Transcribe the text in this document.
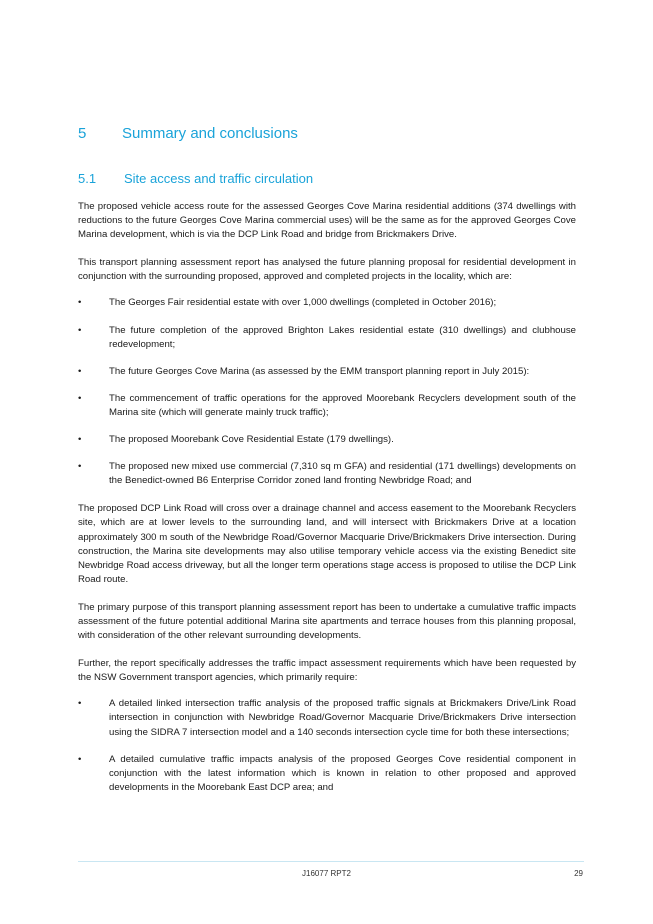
5	Summary and conclusions
5.1	Site access and traffic circulation

The proposed vehicle access route for the assessed Georges Cove Marina residential additions (374 dwellings with reductions to the future Georges Cove Marina commercial uses) will be the same as for the approved Georges Cove Marina development, which is via the DCP Link Road and bridge from Brickmakers Drive.

This transport planning assessment report has analysed the future planning proposal for residential development in conjunction with the surrounding proposed, approved and completed projects in the locality, which are:

•	The Georges Fair residential estate with over 1,000 dwellings (completed in October 2016);
•	The future completion of the approved Brighton Lakes residential estate (310 dwellings) and clubhouse redevelopment;
•	The future Georges Cove Marina (as assessed by the EMM transport planning report in July 2015):
•	The commencement of traffic operations for the approved Moorebank Recyclers development south of the Marina site (which will generate mainly truck traffic);
•	The proposed Moorebank Cove Residential Estate (179 dwellings).
•	The proposed new mixed use commercial (7,310 sq m GFA) and residential (171 dwellings) developments on the Benedict-owned B6 Enterprise Corridor zoned land fronting Newbridge Road; and

The proposed DCP Link Road will cross over a drainage channel and access easement to the Moorebank Recyclers site, which are at lower levels to the surrounding land, and will intersect with Brickmakers Drive at a location approximately 300 m south of the Newbridge Road/Governor Macquarie Drive/Brickmakers Drive intersection. During construction, the Marina site developments may also utilise temporary vehicle access via the existing Benedict site Newbridge Road access driveway, but all the longer term operations stage access is proposed to utilise the DCP Link Road route.

The primary purpose of this transport planning assessment report has been to undertake a cumulative traffic impacts assessment of the future potential additional Marina site apartments and terrace houses from this planning proposal, with consideration of the other relevant surrounding developments.

Further, the report specifically addresses the traffic impact assessment requirements which have been requested by the NSW Government transport agencies, which primarily require:

•	A detailed linked intersection traffic analysis of the proposed traffic signals at Brickmakers Drive/Link Road intersection in conjunction with Newbridge Road/Governor Macquarie Drive/Brickmakers Drive intersection using the SIDRA 7 intersection model and a 140 seconds intersection cycle time for both these intersections;
•	A detailed cumulative traffic impacts analysis of the proposed Georges Cove residential component in conjunction with the latest information which is known in relation to other proposed and approved developments in the Moorebank East DCP area; and
J16077 RPT2	29
